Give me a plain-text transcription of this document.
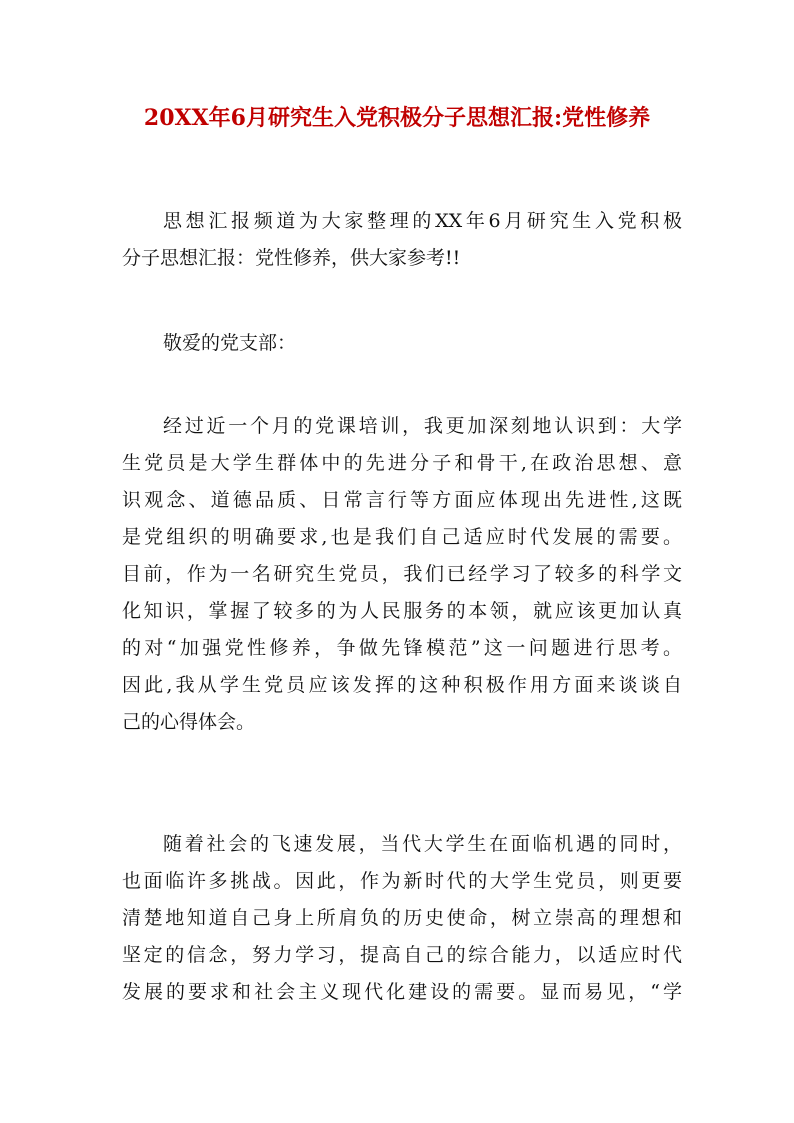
20XX年6月研究生入党积极分子思想汇报:党性修养
思想汇报频道为大家整理的XX年6月研究生入党积极
分子思想汇报：党性修养，供大家参考!!
敬爱的党支部：
经过近一个月的党课培训，我更加深刻地认识到：大学
生党员是大学生群体中的先进分子和骨干,在政治思想、意
识观念、道德品质、日常言行等方面应体现出先进性,这既
是党组织的明确要求,也是我们自己适应时代发展的需要。
目前，作为一名研究生党员，我们已经学习了较多的科学文
化知识，掌握了较多的为人民服务的本领，就应该更加认真
的对“加强党性修养，争做先锋模范”这一问题进行思考。
因此,我从学生党员应该发挥的这种积极作用方面来谈谈自
己的心得体会。
随着社会的飞速发展，当代大学生在面临机遇的同时，
也面临许多挑战。因此，作为新时代的大学生党员，则更要
清楚地知道自己身上所肩负的历史使命，树立崇高的理想和
坚定的信念，努力学习，提高自己的综合能力，以适应时代
发展的要求和社会主义现代化建设的需要。显而易见，“学
